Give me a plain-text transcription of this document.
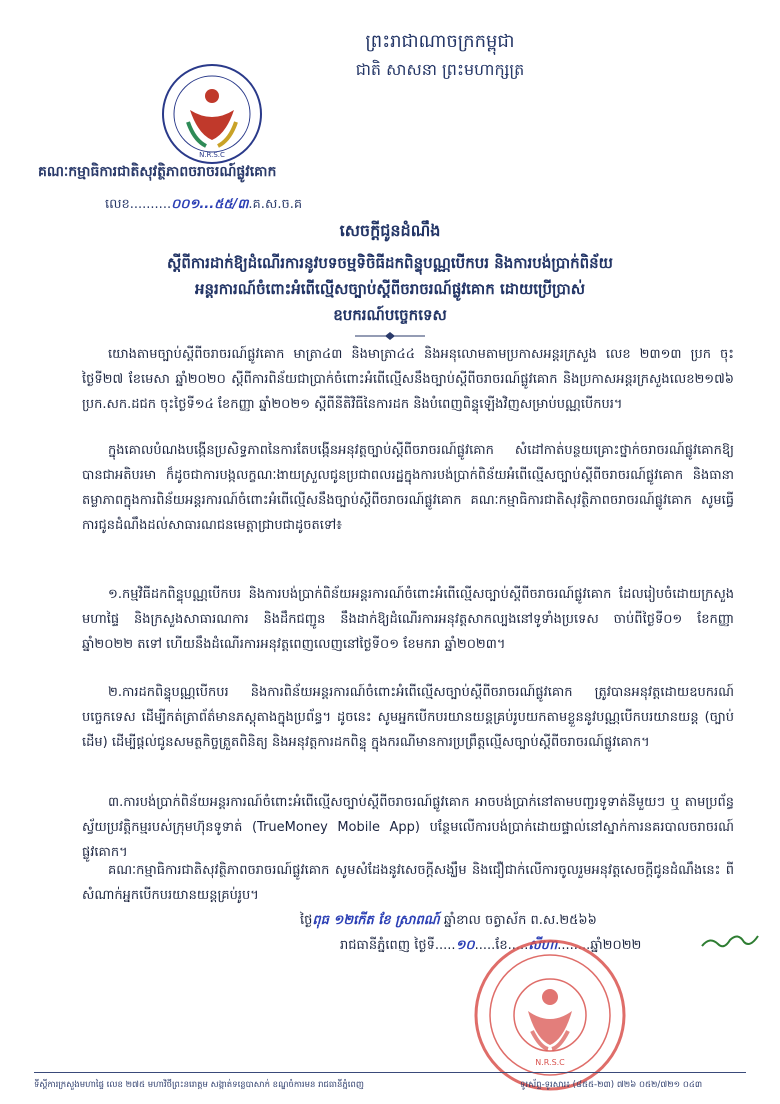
ព្រះរាជាណាចក្រកម្ពុជា
ជាតិ សាសនា ព្រះមហាក្សត្រ
N.R.S.C
គណៈកម្មាធិការជាតិសុវត្ថិភាពចរាចរណ៍ផ្លូវគោក
លេខ..........០០១...៥៥/៣.គ.ស.ច.គ
សេចក្តីជូនដំណឹង
ស្តីពីការដាក់ឱ្យដំណើរការនូវបទចម្មទិចិធីដកពិន្ទុបណ្ណបើកបរ និងការបង់ប្រាក់ពិន័យ
អន្តរការណ៍ចំពោះអំពើល្មើសច្បាប់ស្តីពីចរាចរណ៍ផ្លូវគោក ដោយប្រើប្រាស់
ឧបករណ៍បច្ចេកទេស
យោងតាមច្បាប់ស្តីពីចរាចរណ៍ផ្លូវគោក មាត្រា៤៣ និងមាត្រា៤៤ និងអនុលោមតាមប្រកាសអន្តរក្រសួង លេខ ២៣១៣ ប្រក ចុះថ្ងៃទី២៧ ខែមេសា ឆ្នាំ២០២០ ស្តីពីការពិន័យជាប្រាក់ចំពោះអំពើល្មើសនឹងច្បាប់ស្តីពីចរាចរណ៍ផ្លូវគោក និងប្រកាសអន្តរក្រសួងលេខ២១៧៦ ប្រក.សក.ដជក ចុះថ្ងៃទី១៤ ខែកញ្ញា ឆ្នាំ២០២១ ស្តីពីនីតិវិធីនៃការដក និងបំពេញពិន្ទុឡើងវិញសម្រាប់បណ្ណបើកបរ។
ក្នុងគោលបំណងបង្កើនប្រសិទ្ធភាពនៃការតែបង្កើនអនុវត្តច្បាប់ស្តីពីចរាចរណ៍ផ្លូវគោក សំដៅកាត់បន្ថយគ្រោះថ្នាក់ចរាចរណ៍ផ្លូវគោកឱ្យបានជាអតិបរមា ក៏ដូចជាការបង្កលក្ខណៈងាយស្រួលជូនប្រជាពលរដ្ឋក្នុងការបង់ប្រាក់ពិន័យអំពើល្មើសច្បាប់ស្តីពីចរាចរណ៍ផ្លូវគោក និងធានាតម្លាភាពក្នុងការពិន័យអន្តរការណ៍ចំពោះអំពើល្មើសនឹងច្បាប់ស្តីពីចរាចរណ៍ផ្លូវគោក គណៈកម្មាធិការជាតិសុវត្ថិភាពចរាចរណ៍ផ្លូវគោក សូមធ្វើការជូនដំណឹងដល់សាធារណជនមេត្តាជ្រាបជាដូចតទៅ៖
១.កម្មវិធីដកពិន្ទុបណ្ណបើកបរ និងការបង់ប្រាក់ពិន័យអន្តរការណ៍ចំពោះអំពើល្មើសច្បាប់ស្តីពីចរាចរណ៍ផ្លូវគោក ដែលរៀបចំដោយក្រសួងមហាផ្ទៃ និងក្រសួងសាធារណការ និងដឹកជញ្ជូន នឹងដាក់ឱ្យដំណើរការអនុវត្តសាកល្បងនៅទូទាំងប្រទេស ចាប់ពីថ្ងៃទី០១ ខែកញ្ញា ឆ្នាំ២០២២ តទៅ ហើយនឹងដំណើរការអនុវត្តពេញលេញនៅថ្ងៃទី០១ ខែមករា ឆ្នាំ២០២៣។
២.ការដកពិន្ទុបណ្ណបើកបរ និងការពិន័យអន្តរការណ៍ចំពោះអំពើល្មើសច្បាប់ស្តីពីចរាចរណ៍ផ្លូវគោក ត្រូវបានអនុវត្តដោយឧបករណ៍បច្ចេកទេស ដើម្បីកត់ត្រាព័ត៌មានភស្តុតាងក្នុងប្រព័ន្ធ។ ដូចនេះ សូមអ្នកបើកបរយានយន្តគ្រប់រូបយកតាមខ្លួននូវបណ្ណបើកបរយានយន្ត (ច្បាប់ដើម) ដើម្បីផ្តល់ជូនសមត្ថកិច្ចត្រួតពិនិត្យ និងអនុវត្តការដកពិន្ទុ ក្នុងករណីមានការប្រព្រឹត្តល្មើសច្បាប់ស្តីពីចរាចរណ៍ផ្លូវគោក។
៣.ការបង់ប្រាក់ពិន័យអន្តរការណ៍ចំពោះអំពើល្មើសច្បាប់ស្តីពីចរាចរណ៍ផ្លូវគោក អាចបង់ប្រាក់នៅតាមបញ្ជរទូទាត់នីមួយៗ ឬ តាមប្រព័ន្ធស្វ័យប្រវត្តិកម្មរបស់ក្រុមហ៊ុនទូទាត់ (TrueMoney Mobile App) បន្ថែមលើការបង់ប្រាក់ដោយផ្ទាល់នៅស្នាក់ការនគរបាលចរាចរណ៍ផ្លូវគោក។
គណៈកម្មាធិការជាតិសុវត្ថិភាពចរាចរណ៍ផ្លូវគោក សូមសំដែងនូវសេចក្តីសង្ឃឹម និងជឿជាក់លើការចូលរួមអនុវត្តសេចក្តីជូនដំណឹងនេះ ពីសំណាក់អ្នកបើកបរយានយន្តគ្រប់រូប។
ថ្ងៃពុធ ១២កើត ខែ ស្រាពណ៍ ឆ្នាំខាល ចត្វាស័ក ព.ស.២៥៦៦
រាជធានីភ្នំពេញ ថ្ងៃទី.....១០.....ខែ.....សីហា........ឆ្នាំ២០២២
N.R.S.C
ទីស្តីការក្រសួងមហាផ្ទៃ លេខ ២៧៥ មហាវិថីព្រះនរោត្តម សង្កាត់ទន្លេបាសាក់ ខណ្ឌចំការមន រាជធានីភ្នំពេញ	ទូរស័ព្ទ-ទូរសារ៖ (៨៥៥-២៣) ៧២៦ ០៥២/៧២១ ០៤៣
